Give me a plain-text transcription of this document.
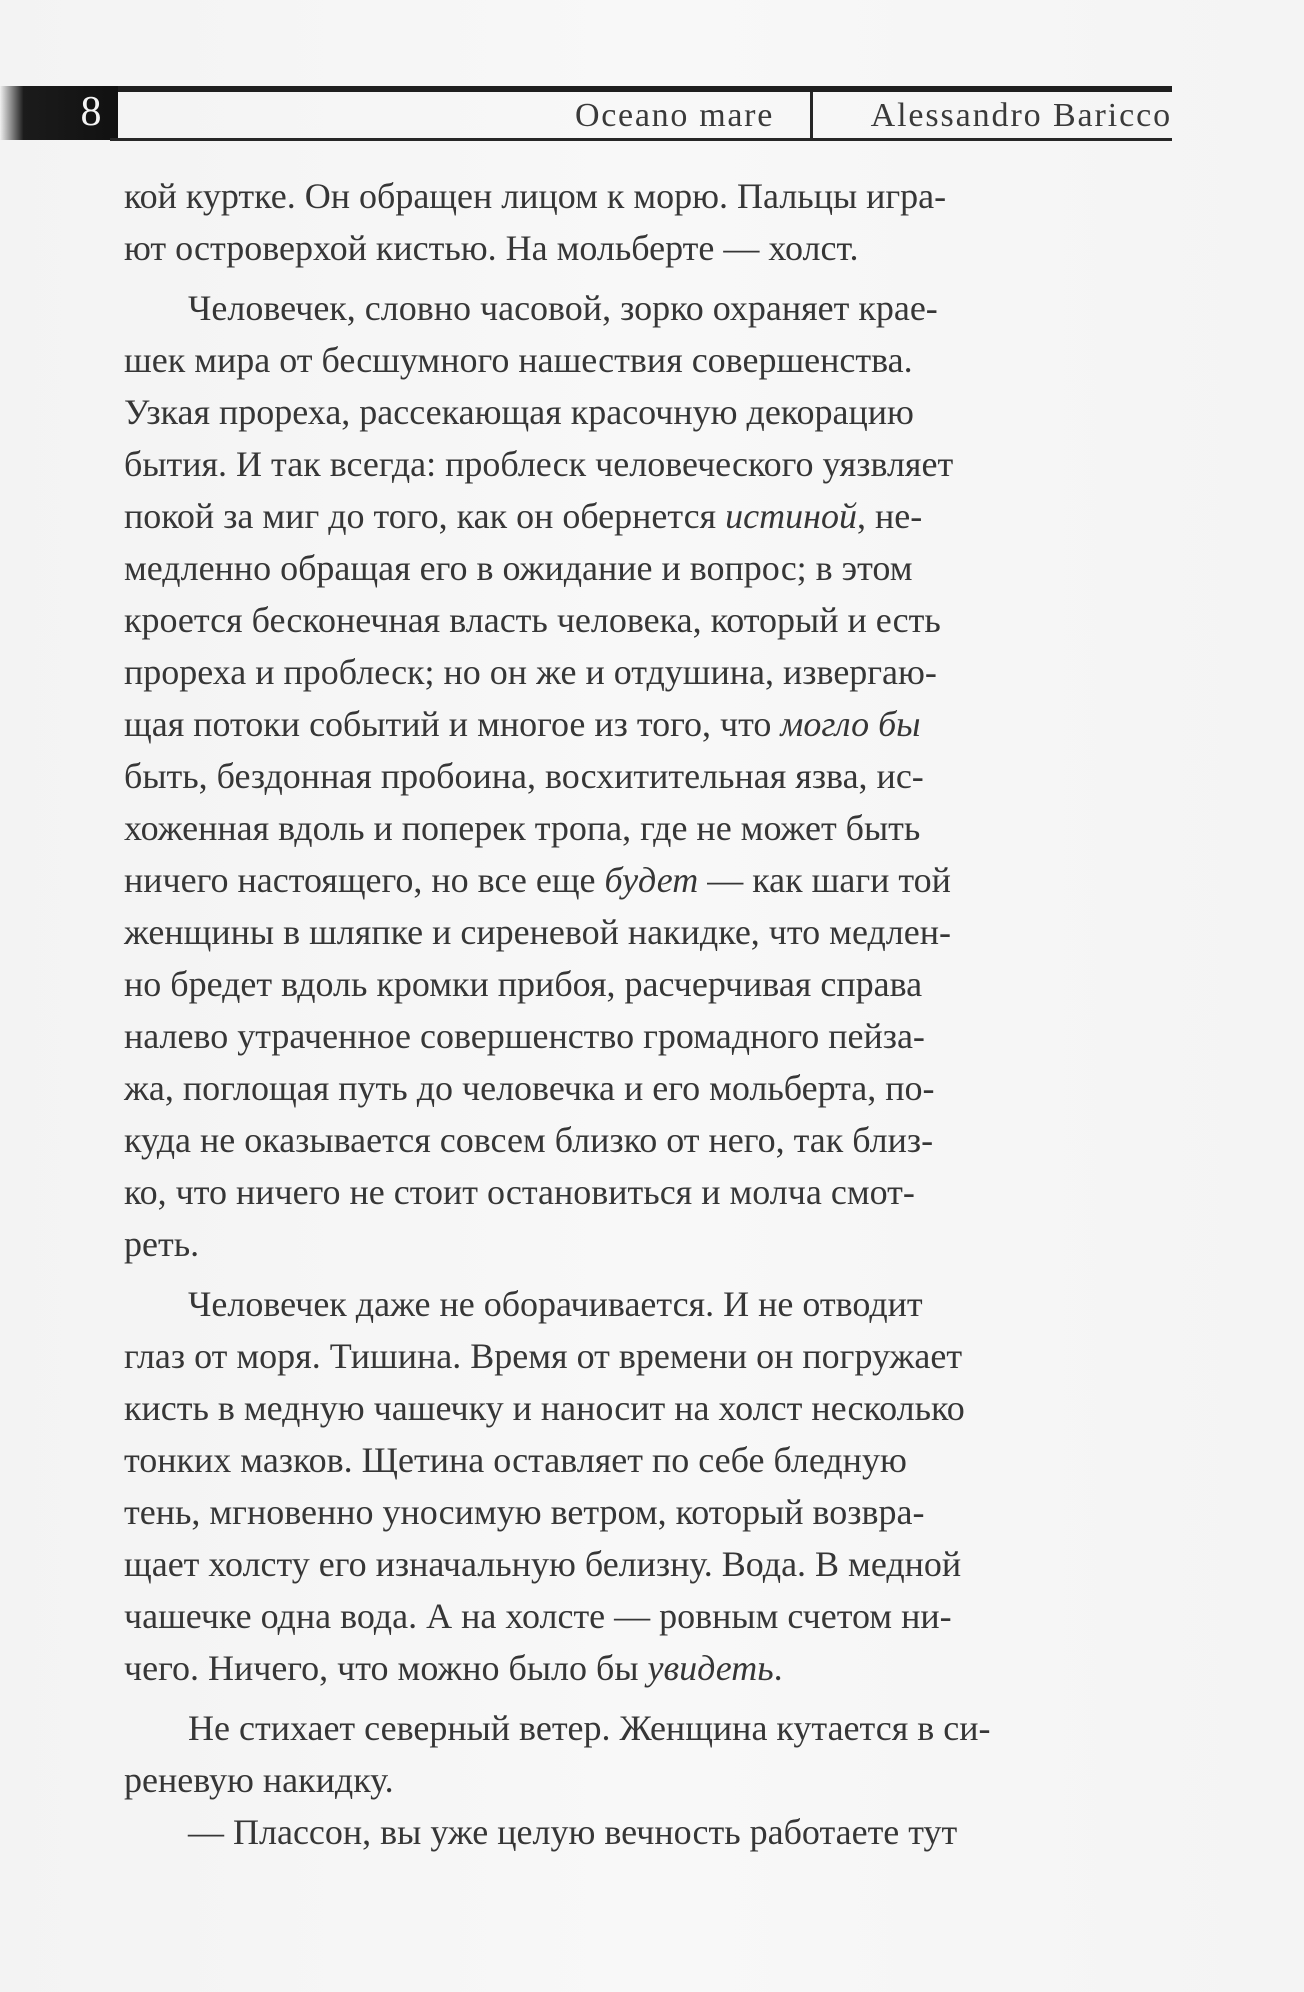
8	Oceano mare	Alessandro Baricco
кой куртке. Он обращен лицом к морю. Пальцы игра-
ют островерхой кистью. На мольберте — холст.
Человечек, словно часовой, зорко охраняет крае-
шек мира от бесшумного нашествия совершенства.
Узкая прореха, рассекающая красочную декорацию
бытия. И так всегда: проблеск человеческого уязвляет
покой за миг до того, как он обернется истиной, не-
медленно обращая его в ожидание и вопрос; в этом
кроется бесконечная власть человека, который и есть
прореха и проблеск; но он же и отдушина, извергаю-
щая потоки событий и многое из того, что могло бы
быть, бездонная пробоина, восхитительная язва, ис-
хоженная вдоль и поперек тропа, где не может быть
ничего настоящего, но все еще будет — как шаги той
женщины в шляпке и сиреневой накидке, что медлен-
но бредет вдоль кромки прибоя, расчерчивая справа
налево утраченное совершенство громадного пейза-
жа, поглощая путь до человечка и его мольберта, по-
куда не оказывается совсем близко от него, так близ-
ко, что ничего не стоит остановиться и молча смот-
реть.
Человечек даже не оборачивается. И не отводит
глаз от моря. Тишина. Время от времени он погружает
кисть в медную чашечку и наносит на холст несколько
тонких мазков. Щетина оставляет по себе бледную
тень, мгновенно уносимую ветром, который возвра-
щает холсту его изначальную белизну. Вода. В медной
чашечке одна вода. А на холсте — ровным счетом ни-
чего. Ничего, что можно было бы увидеть.
Не стихает северный ветер. Женщина кутается в си-
реневую накидку.
— Плассон, вы уже целую вечность работаете тут
